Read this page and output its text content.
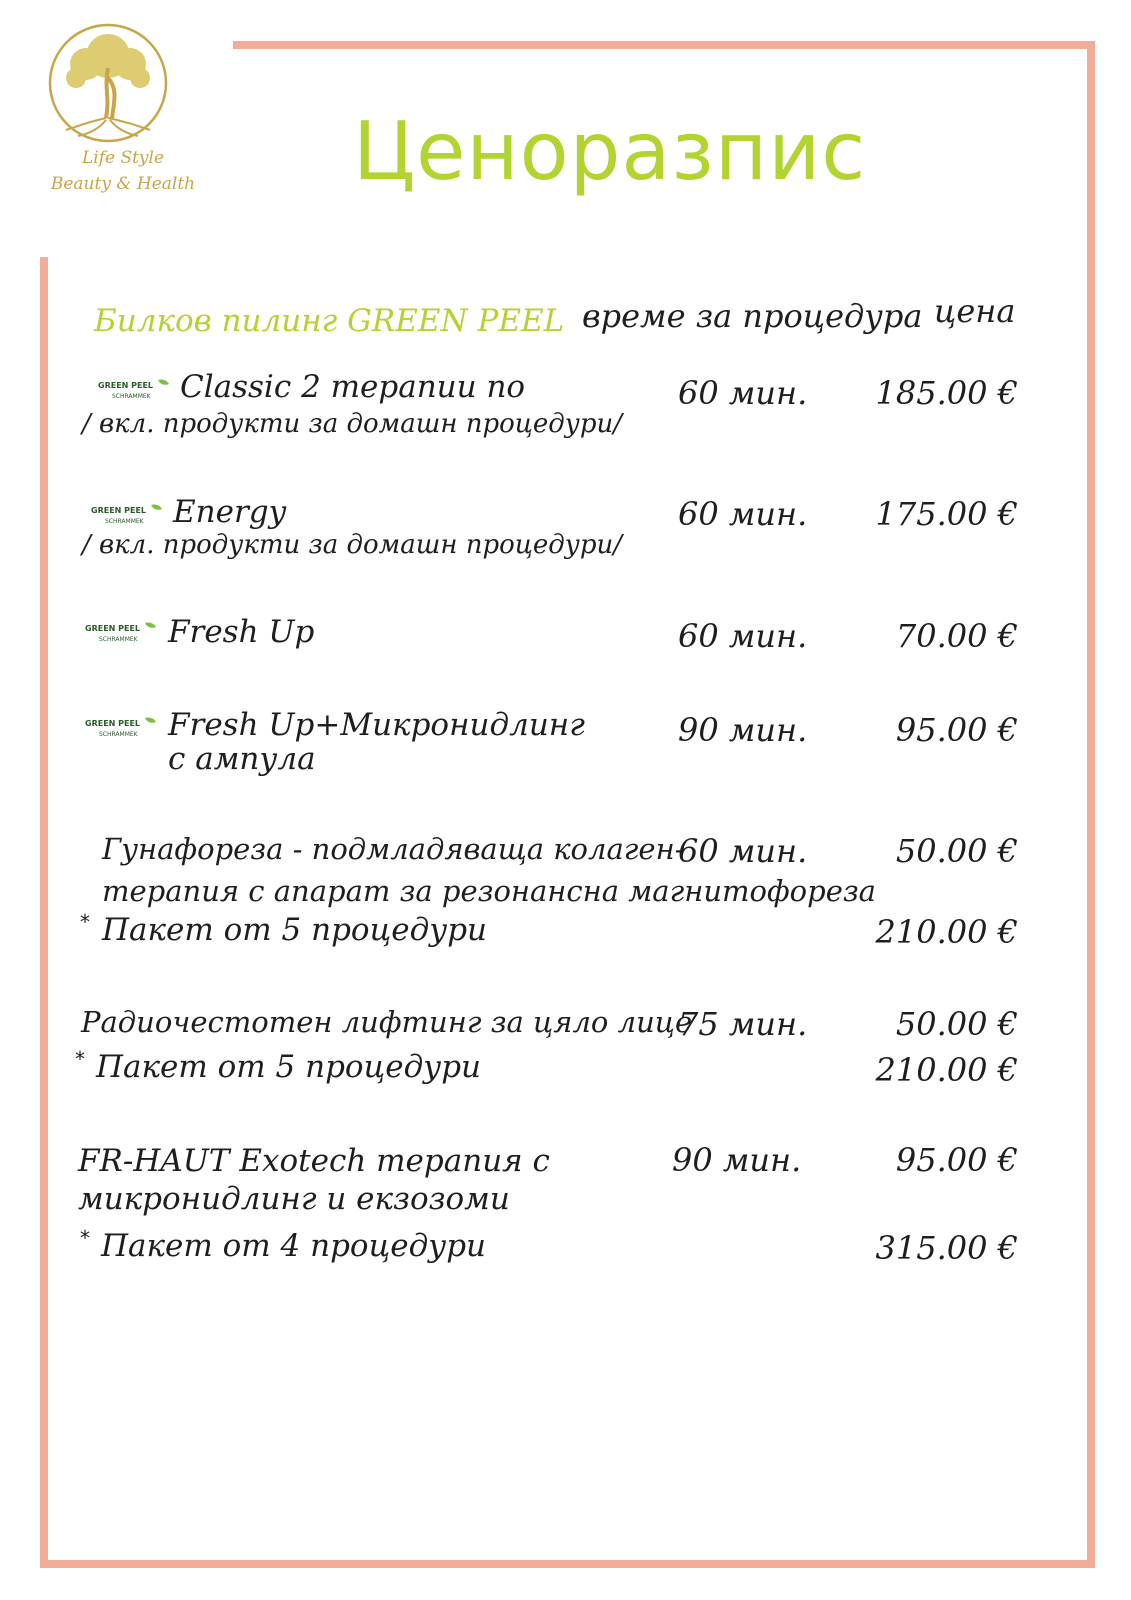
Life Style
Beauty & Health	Ценоразпис
Билков пилинг GREEN PEEL време за процедура цена
GREEN PEEL
SCHRAMMEK Classic 2 терапии по
/ вкл. продукти за домашн процедури/
60 мин. 185.00 €
GREEN PEEL
SCHRAMMEK Energy
/ вкл. продукти за домашн процедури/
60 мин. 175.00 €
GREEN PEEL
SCHRAMMEK Fresh Up	60 мин.	70.00 €
GREEN PEEL
SCHRAMMEK Fresh Up+Микронидлинг
с ампула
90 мин.	95.00 €
Гунафореза - подмладяваща колаген-
терапия с апарат за резонансна магнитофореза
60 мин.	50.00 €
* Пакет от 5 процедури	210.00 €
Радиочестотен лифтинг за цяло лице
75 мин.	50.00 €
* Пакет от 5 процедури	210.00 €
FR-HAUT Exotech терапия с
микронидлинг и екзозоми
90 мин.	95.00 €
* Пакет от 4 процедури	315.00 €
